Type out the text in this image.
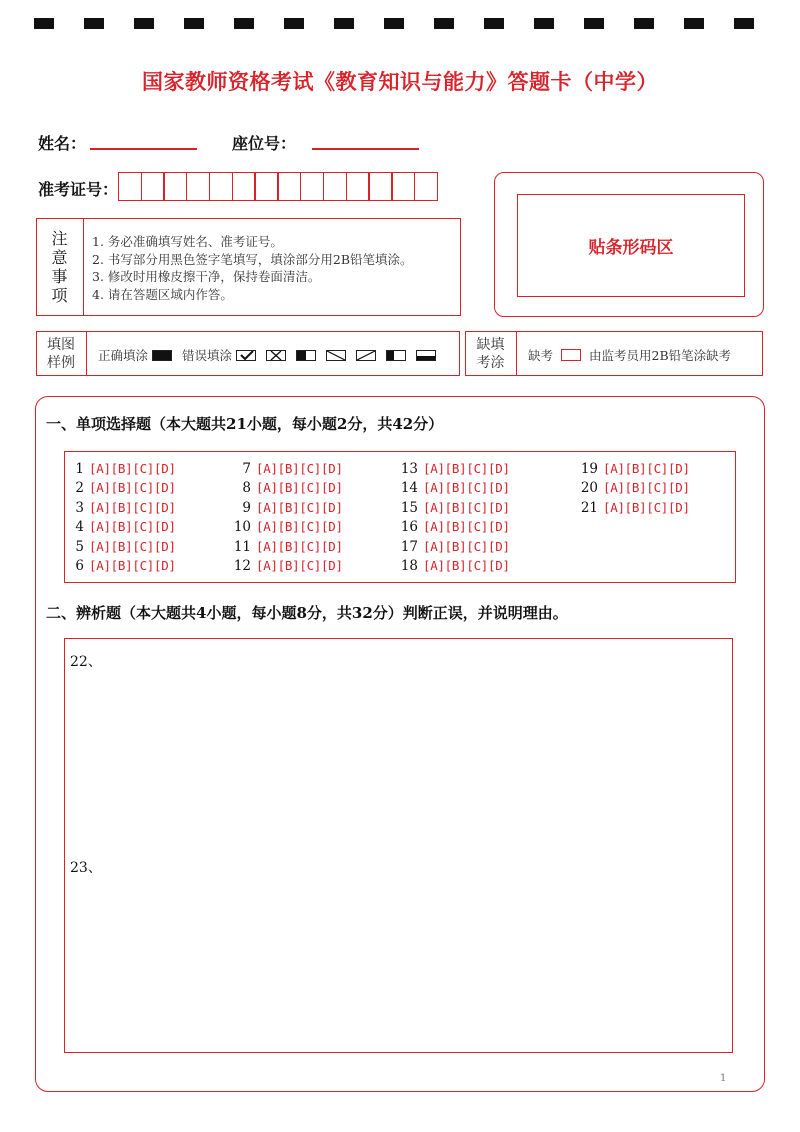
国家教师资格考试《教育知识与能力》答题卡（中学）
姓名：	座位号：
准考证号：
注
意
事
项
1. 务必准确填写姓名、准考证号。
2. 书写部分用黑色签字笔填写，填涂部分用2B铅笔填涂。
3. 修改时用橡皮擦干净，保持卷面清洁。
4. 请在答题区域内作答。
贴条形码区
填图
样例 正确填涂	错误填涂
缺填
考涂 缺考	由监考员用2B铅笔涂缺考
一、单项选择题（本大题共21小题，每小题2分，共42分）
1 [A][B][C][D]
2 [A][B][C][D]
3 [A][B][C][D]
4 [A][B][C][D]
5 [A][B][C][D]
6 [A][B][C][D]
7 [A][B][C][D]
8 [A][B][C][D]
9 [A][B][C][D]
10 [A][B][C][D]
11 [A][B][C][D]
12 [A][B][C][D]
13 [A][B][C][D]
14 [A][B][C][D]
15 [A][B][C][D]
16 [A][B][C][D]
17 [A][B][C][D]
18 [A][B][C][D]
19 [A][B][C][D]
20 [A][B][C][D]
21 [A][B][C][D]
二、辨析题（本大题共4小题，每小题8分，共32分）判断正误，并说明理由。
22、
23、
1
